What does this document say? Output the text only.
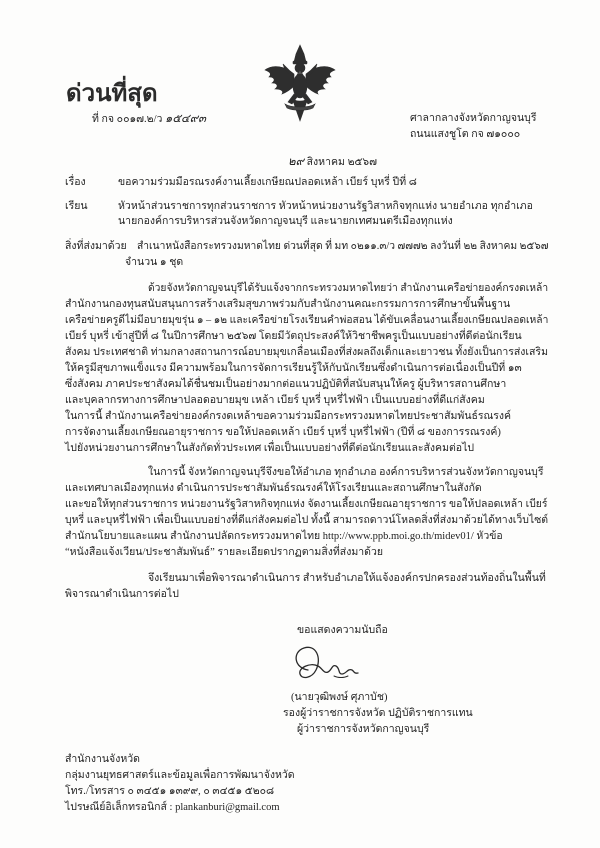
ด่วนที่สุด
ที่ กจ ๐๐๑๗.๒/ว ๑๕๔๙๓	ศาลากลางจังหวัดกาญจนบุรี
ถนนแสงชูโต กจ ๗๑๐๐๐
๒๙ สิงหาคม ๒๕๖๗
เรื่อง	ขอความร่วมมือรณรงค์งานเลี้ยงเกษียณปลอดเหล้า เบียร์ บุหรี่ ปีที่ ๘
เรียน	หัวหน้าส่วนราชการทุกส่วนราชการ หัวหน้าหน่วยงานรัฐวิสาหกิจทุกแห่ง นายอำเภอ ทุกอำเภอ
นายกองค์การบริหารส่วนจังหวัดกาญจนบุรี และนายกเทศมนตรีเมืองทุกแห่ง
สิ่งที่ส่งมาด้วย สำเนาหนังสือกระทรวงมหาดไทย ด่วนที่สุด ที่ มท ๐๒๑๑.๓/ว ๗๗๗๒ ลงวันที่ ๒๒ สิงหาคม ๒๕๖๗
จำนวน ๑ ชุด
ด้วยจังหวัดกาญจนบุรีได้รับแจ้งจากกระทรวงมหาดไทยว่า สำนักงานเครือข่ายองค์กรงดเหล้า
สำนักงานกองทุนสนับสนุนการสร้างเสริมสุขภาพร่วมกับสำนักงานคณะกรรมการการศึกษาขั้นพื้นฐาน
เครือข่ายครูดีไม่มีอบายมุขรุ่น ๑ – ๑๒ และเครือข่ายโรงเรียนคำพ่อสอน ได้ขับเคลื่อนงานเลี้ยงเกษียณปลอดเหล้า
เบียร์ บุหรี่ เข้าสู่ปีที่ ๘ ในปีการศึกษา ๒๕๖๗ โดยมีวัตถุประสงค์ให้วิชาชีพครูเป็นแบบอย่างที่ดีต่อนักเรียน
สังคม ประเทศชาติ ท่ามกลางสถานการณ์อบายมุขเกลื่อนเมืองที่ส่งผลถึงเด็กและเยาวชน ทั้งยังเป็นการส่งเสริม
ให้ครูมีสุขภาพแข็งแรง มีความพร้อมในการจัดการเรียนรู้ให้กับนักเรียนซึ่งดำเนินการต่อเนื่องเป็นปีที่ ๑๓
ซึ่งสังคม ภาคประชาสังคมได้ชื่นชมเป็นอย่างมากต่อแนวปฏิบัติที่สนับสนุนให้ครู ผู้บริหารสถานศึกษา
และบุคลากรทางการศึกษาปลอดอบายมุข เหล้า เบียร์ บุหรี่ บุหรี่ไฟฟ้า เป็นแบบอย่างที่ดีแก่สังคม
ในการนี้ สำนักงานเครือข่ายองค์กรงดเหล้าขอความร่วมมือกระทรวงมหาดไทยประชาสัมพันธ์รณรงค์
การจัดงานเลี้ยงเกษียณอายุราชการ ขอให้ปลอดเหล้า เบียร์ บุหรี่ บุหรี่ไฟฟ้า (ปีที่ ๘ ของการรณรงค์)
ไปยังหน่วยงานการศึกษาในสังกัดทั่วประเทศ เพื่อเป็นแบบอย่างที่ดีต่อนักเรียนและสังคมต่อไป
ในการนี้ จังหวัดกาญจนบุรีจึงขอให้อำเภอ ทุกอำเภอ องค์การบริหารส่วนจังหวัดกาญจนบุรี
และเทศบาลเมืองทุกแห่ง ดำเนินการประชาสัมพันธ์รณรงค์ให้โรงเรียนและสถานศึกษาในสังกัด
และขอให้ทุกส่วนราชการ หน่วยงานรัฐวิสาหกิจทุกแห่ง จัดงานเลี้ยงเกษียณอายุราชการ ขอให้ปลอดเหล้า เบียร์
บุหรี่ และบุหรี่ไฟฟ้า เพื่อเป็นแบบอย่างที่ดีแก่สังคมต่อไป ทั้งนี้ สามารถดาวน์โหลดสิ่งที่ส่งมาด้วยได้ทางเว็บไซต์
สำนักนโยบายและแผน สำนักงานปลัดกระทรวงมหาดไทย http://www.ppb.moi.go.th/midev01/ หัวข้อ
“หนังสือแจ้งเวียน/ประชาสัมพันธ์” รายละเอียดปรากฏตามสิ่งที่ส่งมาด้วย
จึงเรียนมาเพื่อพิจารณาดำเนินการ สำหรับอำเภอให้แจ้งองค์กรปกครองส่วนท้องถิ่นในพื้นที่
พิจารณาดำเนินการต่อไป
ขอแสดงความนับถือ
(นายวุฒิพงษ์ ศุภาบัช)
รองผู้ว่าราชการจังหวัด ปฏิบัติราชการแทน
ผู้ว่าราชการจังหวัดกาญจนบุรี
สำนักงานจังหวัด
กลุ่มงานยุทธศาสตร์และข้อมูลเพื่อการพัฒนาจังหวัด
โทร./โทรสาร ๐ ๓๔๕๑ ๑๓๙๙, ๐ ๓๔๕๑ ๕๒๐๘
ไปรษณีย์อิเล็กทรอนิกส์ : plankanburi@gmail.com
